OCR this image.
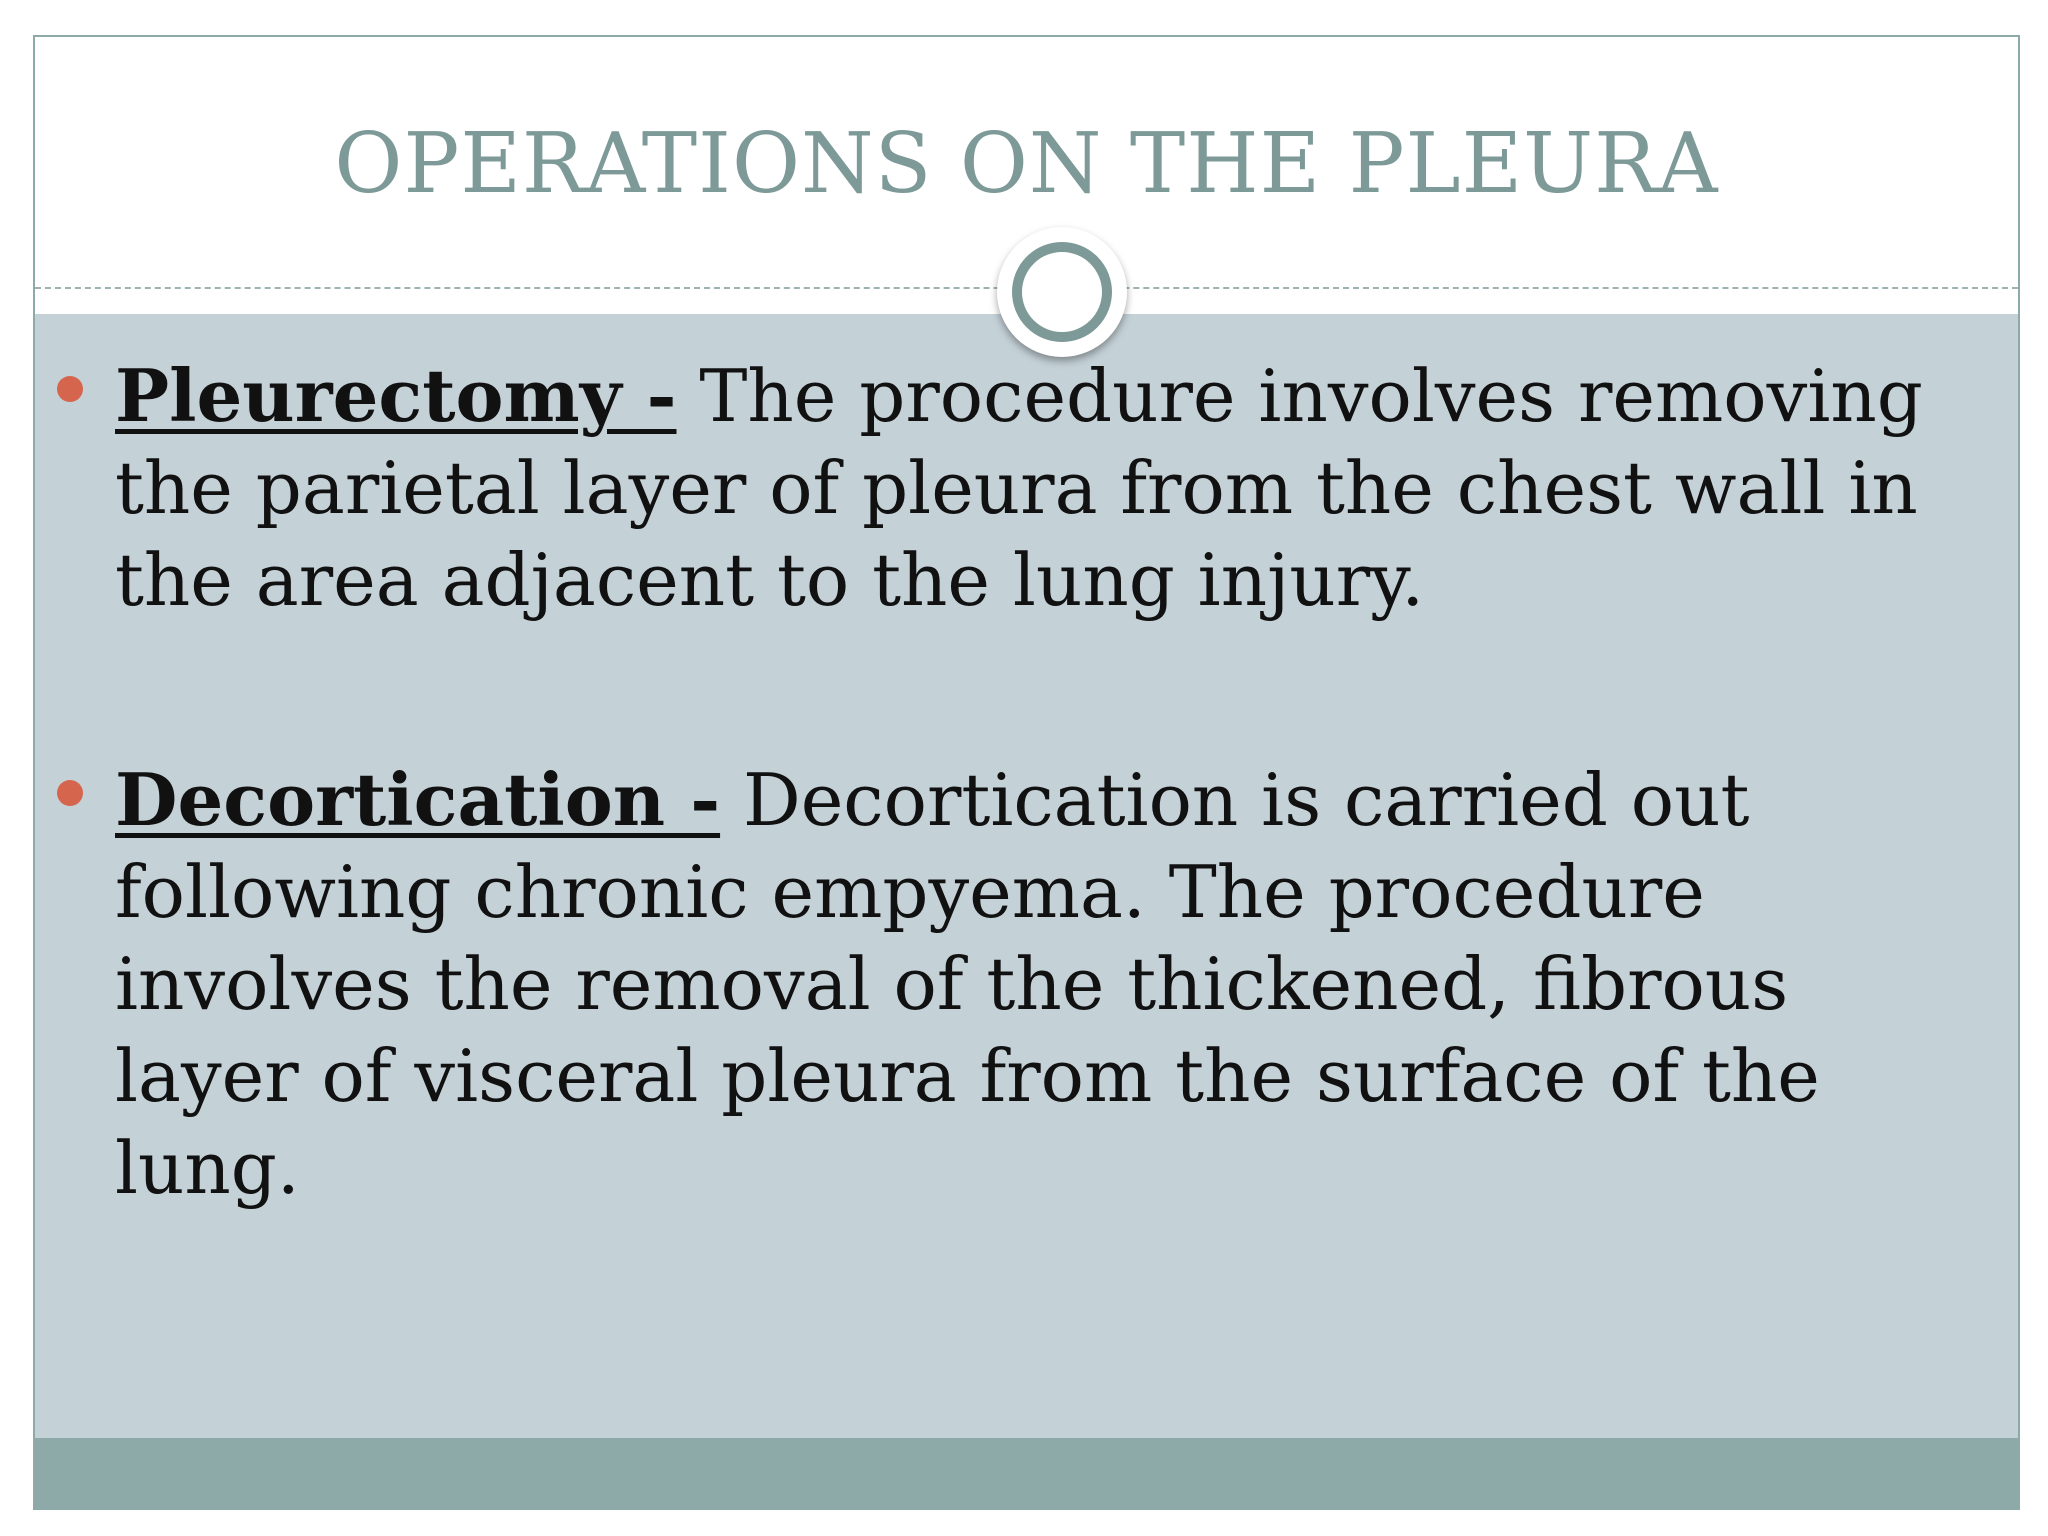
OPERATIONS ON THE PLEURA
Pleurectomy - The procedure involves removing the parietal layer of pleura from the chest wall in the area adjacent to the lung injury.
Decortication - Decortication is carried out following chronic empyema. The procedure involves the removal of the thickened, fibrous layer of visceral pleura from the surface of the lung.
